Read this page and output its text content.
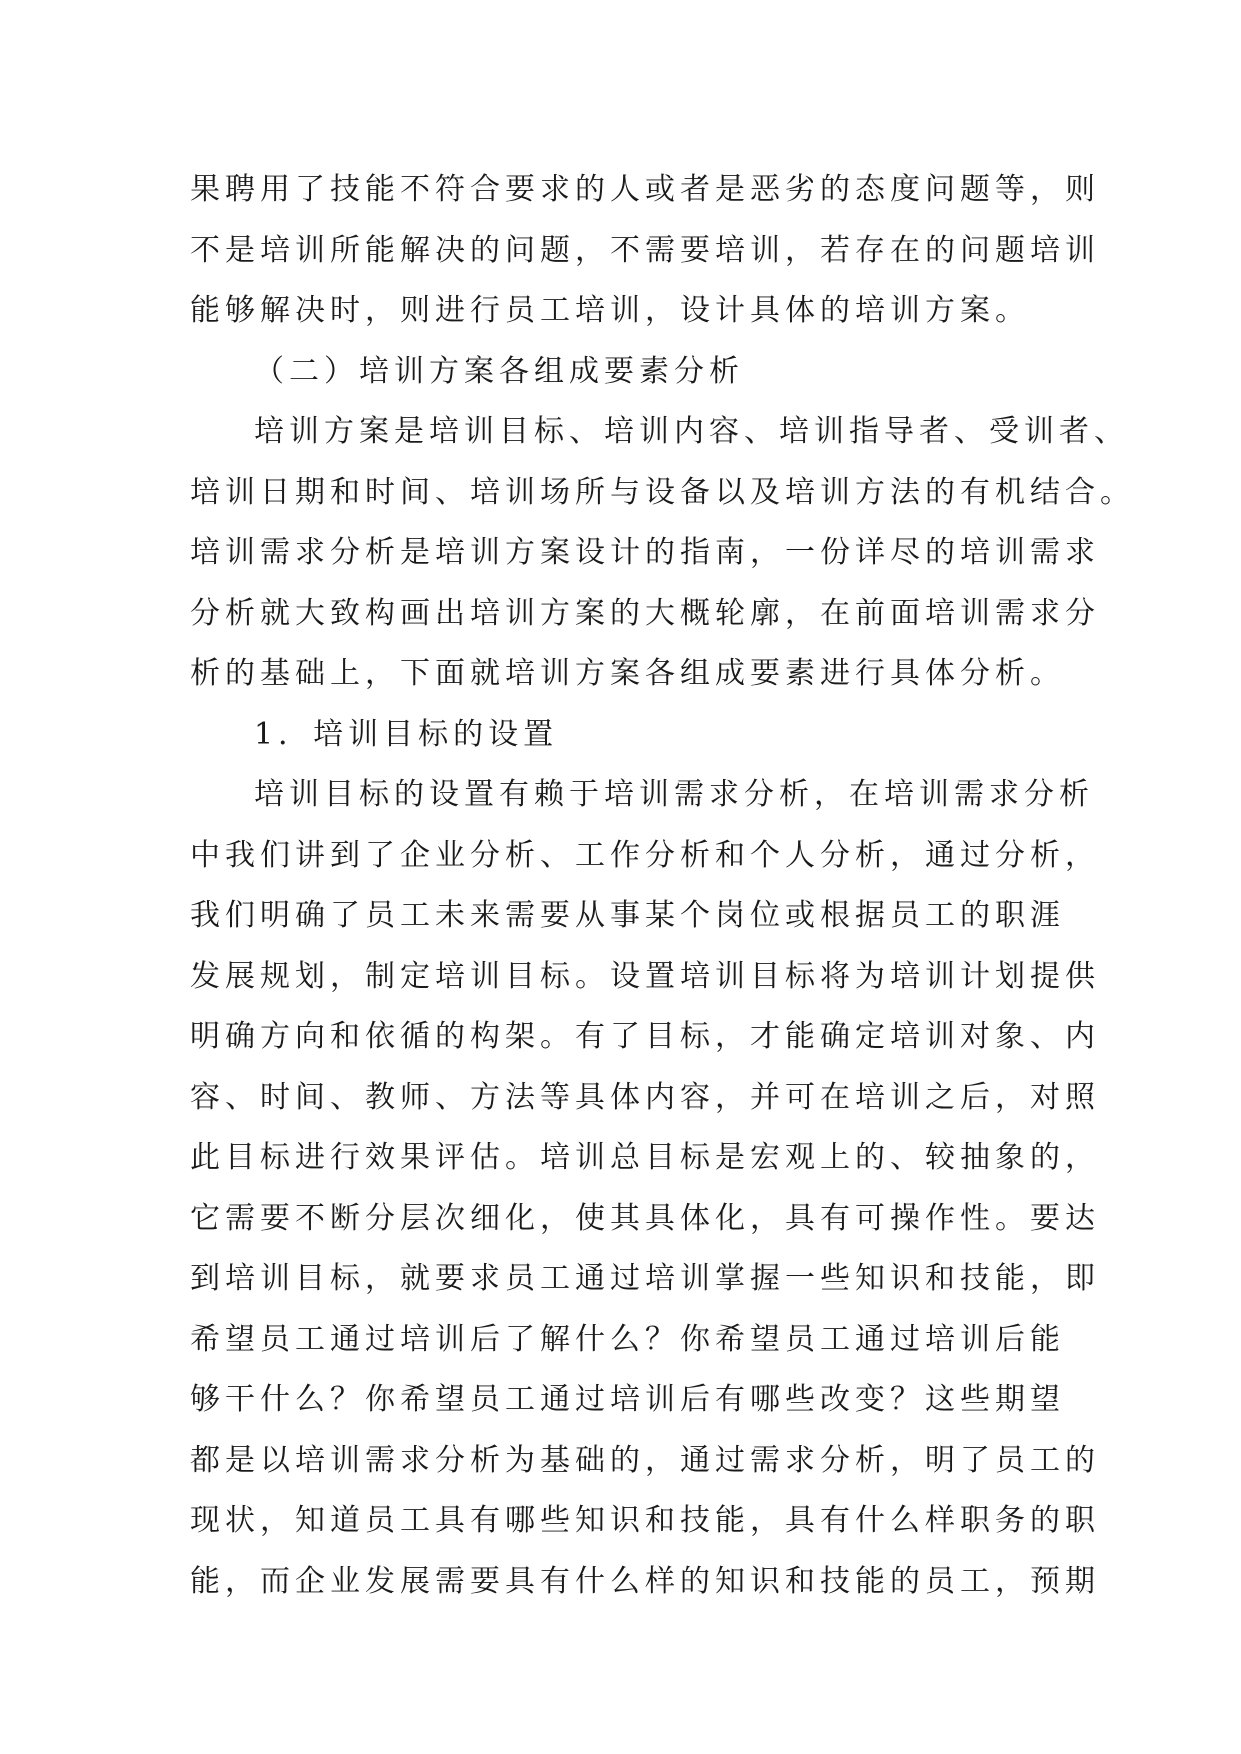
果聘用了技能不符合要求的人或者是恶劣的态度问题等，则
不是培训所能解决的问题，不需要培训，若存在的问题培训
能够解决时，则进行员工培训，设计具体的培训方案。
（二）培训方案各组成要素分析
培训方案是培训目标、培训内容、培训指导者、受训者、
培训日期和时间、培训场所与设备以及培训方法的有机结合。
培训需求分析是培训方案设计的指南，一份详尽的培训需求
分析就大致构画出培训方案的大概轮廓，在前面培训需求分
析的基础上，下面就培训方案各组成要素进行具体分析。
1．培训目标的设置
培训目标的设置有赖于培训需求分析，在培训需求分析
中我们讲到了企业分析、工作分析和个人分析，通过分析，
我们明确了员工未来需要从事某个岗位或根据员工的职涯
发展规划，制定培训目标。设置培训目标将为培训计划提供
明确方向和依循的构架。有了目标，才能确定培训对象、内
容、时间、教师、方法等具体内容，并可在培训之后，对照
此目标进行效果评估。培训总目标是宏观上的、较抽象的，
它需要不断分层次细化，使其具体化，具有可操作性。要达
到培训目标，就要求员工通过培训掌握一些知识和技能，即
希望员工通过培训后了解什么？你希望员工通过培训后能
够干什么？你希望员工通过培训后有哪些改变？这些期望
都是以培训需求分析为基础的，通过需求分析，明了员工的
现状，知道员工具有哪些知识和技能，具有什么样职务的职
能，而企业发展需要具有什么样的知识和技能的员工，预期
